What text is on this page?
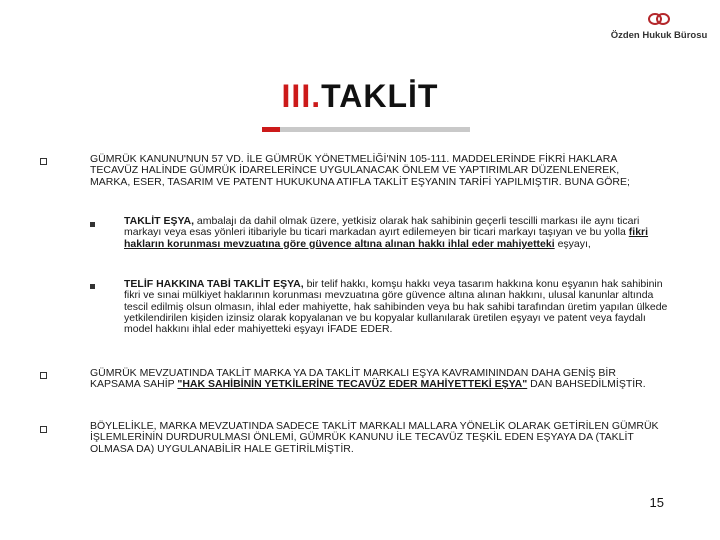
Özden Hukuk Bürosu
III.TAKLİT
GÜMRÜK KANUNU'NUN 57 VD. İLE GÜMRÜK YÖNETMELİĞİ'NİN 105-111. MADDELERİNDE FİKRİ HAKLARA TECAVÜZ HALİNDE GÜMRÜK İDARELERİNCE UYGULANACAK ÖNLEM VE YAPTIRIMLAR DÜZENLENEREK, MARKA, ESER, TASARIM VE PATENT HUKUKUNA ATIFLA TAKLİT EŞYANIN TARİFİ YAPILMIŞTIR. BUNA GÖRE;
TAKLİT EŞYA, ambalajı da dahil olmak üzere, yetkisiz olarak hak sahibinin geçerli tescilli markası ile aynı ticari markayı veya esas yönleri itibariyle bu ticari markadan ayırt edilemeyen bir ticari markayı taşıyan ve bu yolla fikri hakların korunması mevzuatına göre güvence altına alınan hakkı ihlal eder mahiyetteki eşyayı,
TELİF HAKKINA TABİ TAKLİT EŞYA, bir telif hakkı, komşu hakkı veya tasarım hakkına konu eşyanın hak sahibinin fikri ve sınai mülkiyet haklarının korunması mevzuatına göre güvence altına alınan hakkını, ulusal kanunlar altında tescil edilmiş olsun olmasın, ihlal eder mahiyette, hak sahibinden veya bu hak sahibi tarafından üretim yapılan ülkede yetkilendirilen kişiden izinsiz olarak kopyalanan ve bu kopyalar kullanılarak üretilen eşyayı ve patent veya faydalı model hakkını ihlal eder mahiyetteki eşyayı İFADE EDER.
GÜMRÜK MEVZUATINDA TAKLİT MARKA YA DA TAKLİT MARKALI EŞYA KAVRAMININDAN DAHA GENİŞ BİR KAPSAMA SAHİP "HAK SAHİBİNİN YETKİLERİNE TECAVÜZ EDER MAHİYETTEKİ EŞYA" DAN BAHSEDİLMİŞTİR.
BÖYLELİKLE, MARKA MEVZUATINDA SADECE TAKLİT MARKALI MALLARA YÖNELİK OLARAK GETİRİLEN GÜMRÜK İŞLEMLERİNİN DURDURULMASI ÖNLEMİ, GÜMRÜK KANUNU İLE TECAVÜZ TEŞKİL EDEN EŞYAYA DA (TAKLİT OLMASA DA) UYGULANABİLİR HALE GETİRİLMİŞTİR.
15
